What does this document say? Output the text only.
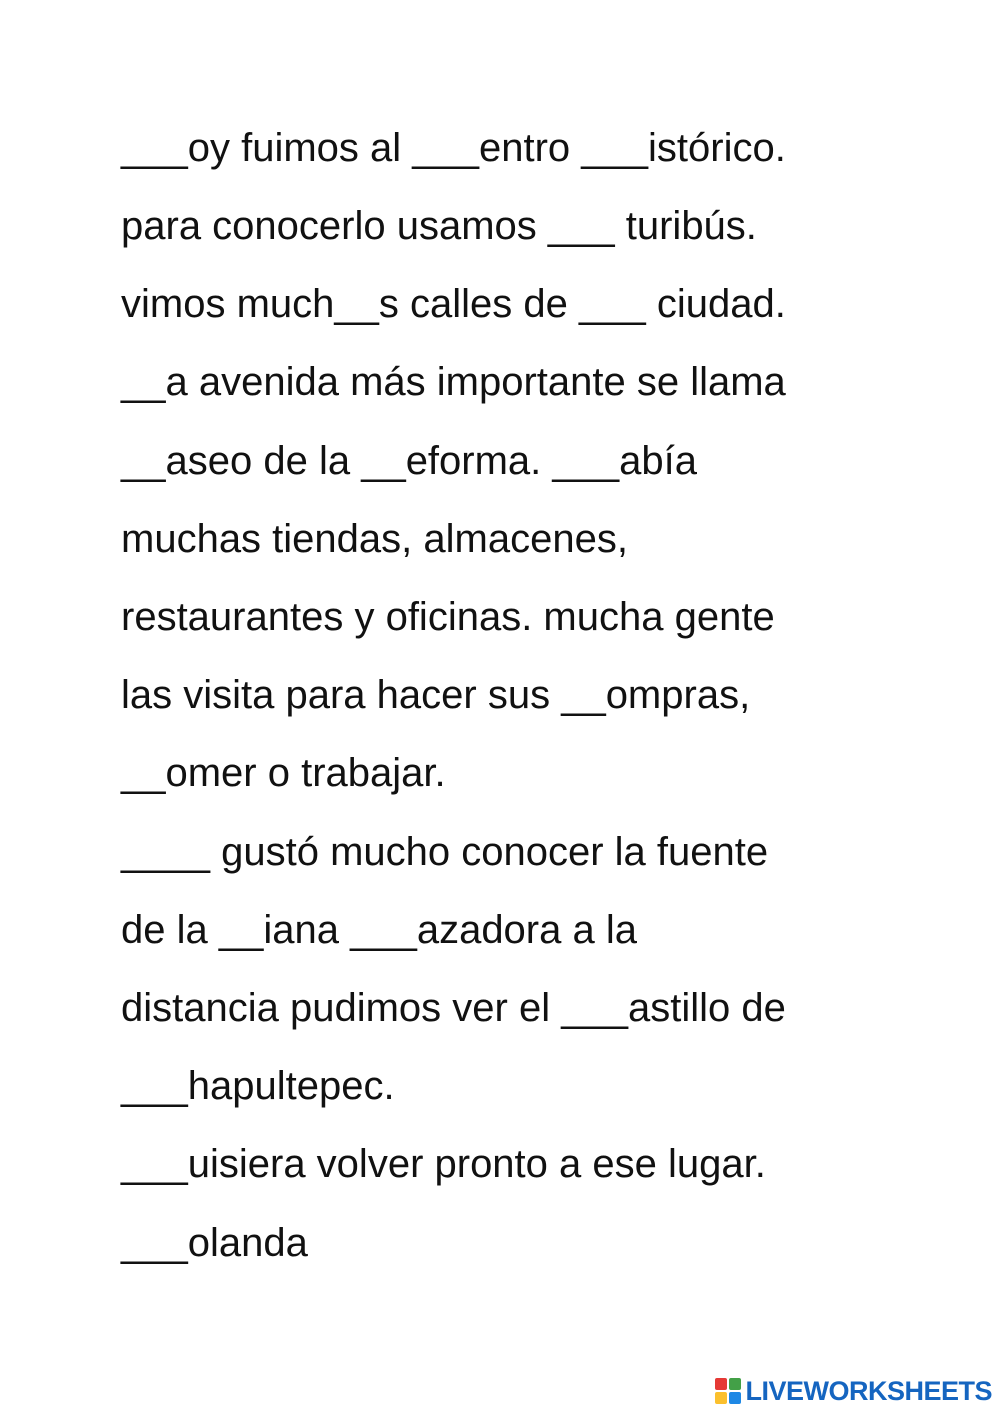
___oy fuimos al ___entro ___istórico.
para conocerlo usamos ___ turibús.
vimos much__s calles de ___ ciudad.
__a avenida más importante se llama
__aseo de la __eforma. ___abía
muchas tiendas, almacenes,
restaurantes y oficinas. mucha gente
las visita para hacer sus __ompras,
__omer o trabajar.
____ gustó mucho conocer la fuente
de la __iana ___azadora a la
distancia pudimos ver el ___astillo de
___hapultepec.
___uisiera volver pronto a ese lugar.
___olanda
LIVEWORKSHEETS
